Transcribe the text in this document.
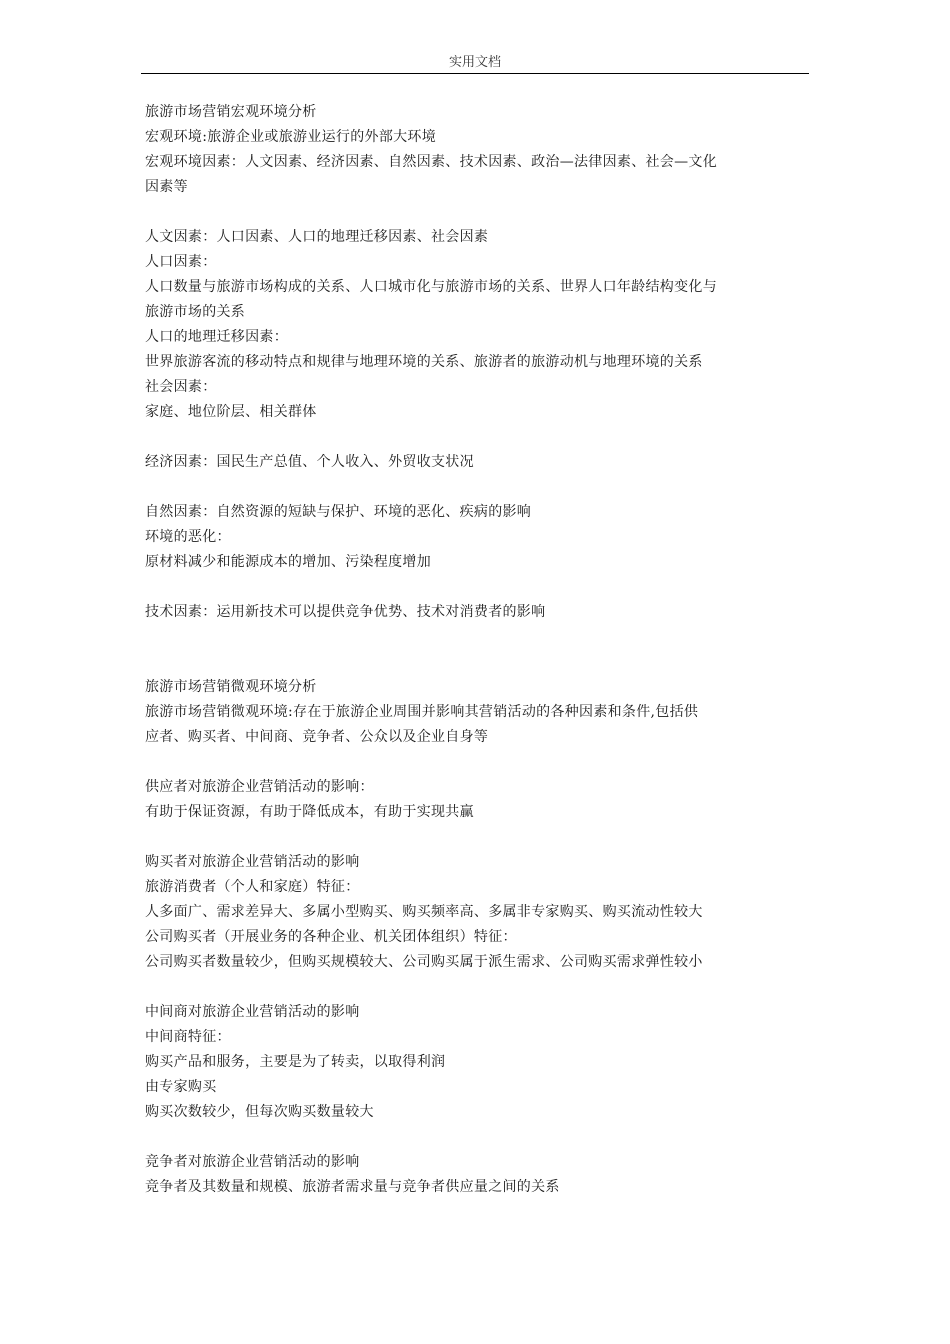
实用文档
旅游市场营销宏观环境分析
宏观环境:旅游企业或旅游业运行的外部大环境
宏观环境因素：人文因素、经济因素、自然因素、技术因素、政治—法律因素、社会—文化
因素等
人文因素：人口因素、人口的地理迁移因素、社会因素
人口因素：
人口数量与旅游市场构成的关系、人口城市化与旅游市场的关系、世界人口年龄结构变化与
旅游市场的关系
人口的地理迁移因素：
世界旅游客流的移动特点和规律与地理环境的关系、旅游者的旅游动机与地理环境的关系
社会因素：
家庭、地位阶层、相关群体
经济因素：国民生产总值、个人收入、外贸收支状况
自然因素：自然资源的短缺与保护、环境的恶化、疾病的影响
环境的恶化：
原材料减少和能源成本的增加、污染程度增加
技术因素：运用新技术可以提供竞争优势、技术对消费者的影响
旅游市场营销微观环境分析
旅游市场营销微观环境:存在于旅游企业周围并影响其营销活动的各种因素和条件,包括供
应者、购买者、中间商、竞争者、公众以及企业自身等
供应者对旅游企业营销活动的影响：
有助于保证资源，有助于降低成本，有助于实现共赢
购买者对旅游企业营销活动的影响
旅游消费者（个人和家庭）特征：
人多面广、需求差异大、多属小型购买、购买频率高、多属非专家购买、购买流动性较大
公司购买者（开展业务的各种企业、机关团体组织）特征：
公司购买者数量较少，但购买规模较大、公司购买属于派生需求、公司购买需求弹性较小
中间商对旅游企业营销活动的影响
中间商特征：
购买产品和服务，主要是为了转卖，以取得利润
由专家购买
购买次数较少，但每次购买数量较大
竞争者对旅游企业营销活动的影响
竞争者及其数量和规模、旅游者需求量与竞争者供应量之间的关系
